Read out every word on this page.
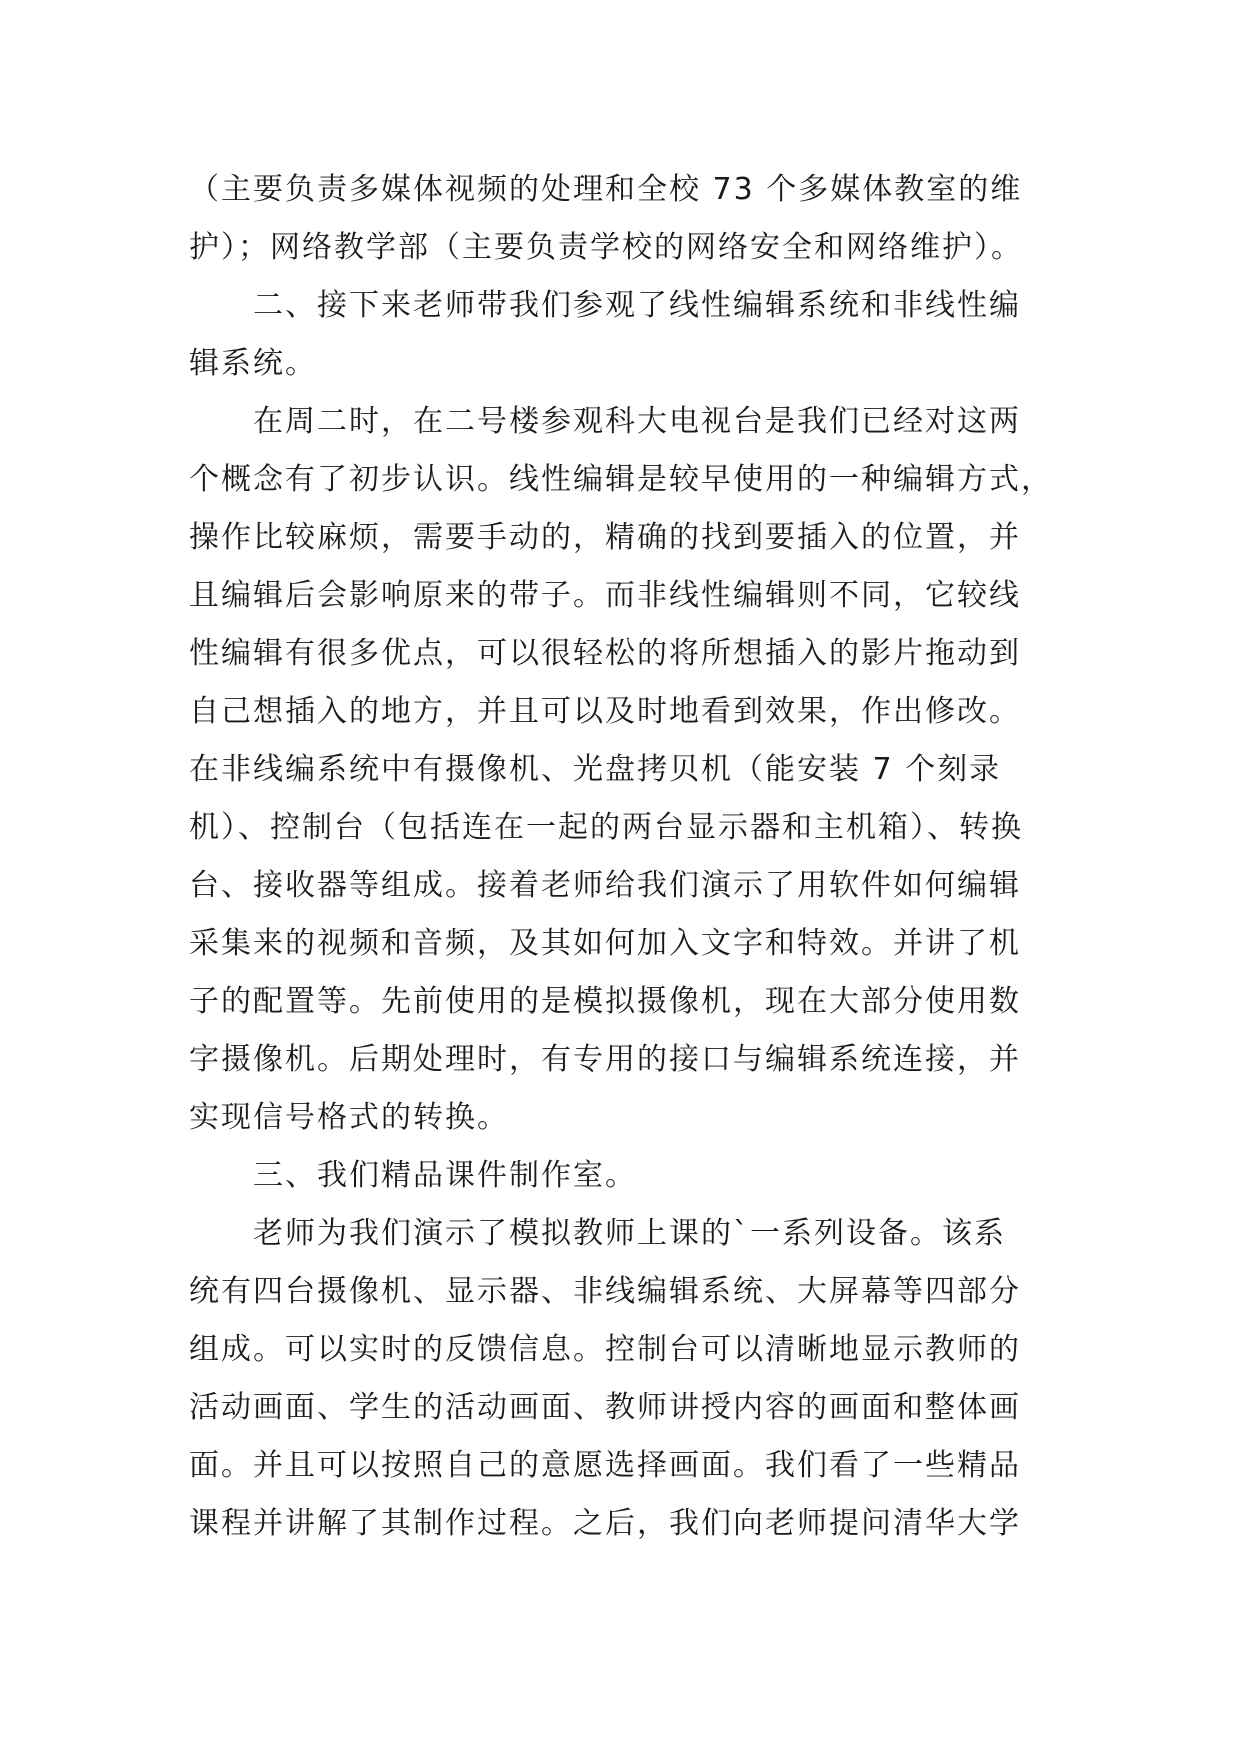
（主要负责多媒体视频的处理和全校 73 个多媒体教室的维
护）；网络教学部（主要负责学校的网络安全和网络维护）。
二、接下来老师带我们参观了线性编辑系统和非线性编
辑系统。
在周二时，在二号楼参观科大电视台是我们已经对这两
个概念有了初步认识。线性编辑是较早使用的一种编辑方式，
操作比较麻烦，需要手动的，精确的找到要插入的位置，并
且编辑后会影响原来的带子。而非线性编辑则不同，它较线
性编辑有很多优点，可以很轻松的将所想插入的影片拖动到
自己想插入的地方，并且可以及时地看到效果，作出修改。
在非线编系统中有摄像机、光盘拷贝机（能安装 7 个刻录
机）、控制台（包括连在一起的两台显示器和主机箱）、转换
台、接收器等组成。接着老师给我们演示了用软件如何编辑
采集来的视频和音频，及其如何加入文字和特效。并讲了机
子的配置等。先前使用的是模拟摄像机，现在大部分使用数
字摄像机。后期处理时，有专用的接口与编辑系统连接，并
实现信号格式的转换。
三、我们精品课件制作室。
老师为我们演示了模拟教师上课的`一系列设备。该系
统有四台摄像机、显示器、非线编辑系统、大屏幕等四部分
组成。可以实时的反馈信息。控制台可以清晰地显示教师的
活动画面、学生的活动画面、教师讲授内容的画面和整体画
面。并且可以按照自己的意愿选择画面。我们看了一些精品
课程并讲解了其制作过程。之后，我们向老师提问清华大学
